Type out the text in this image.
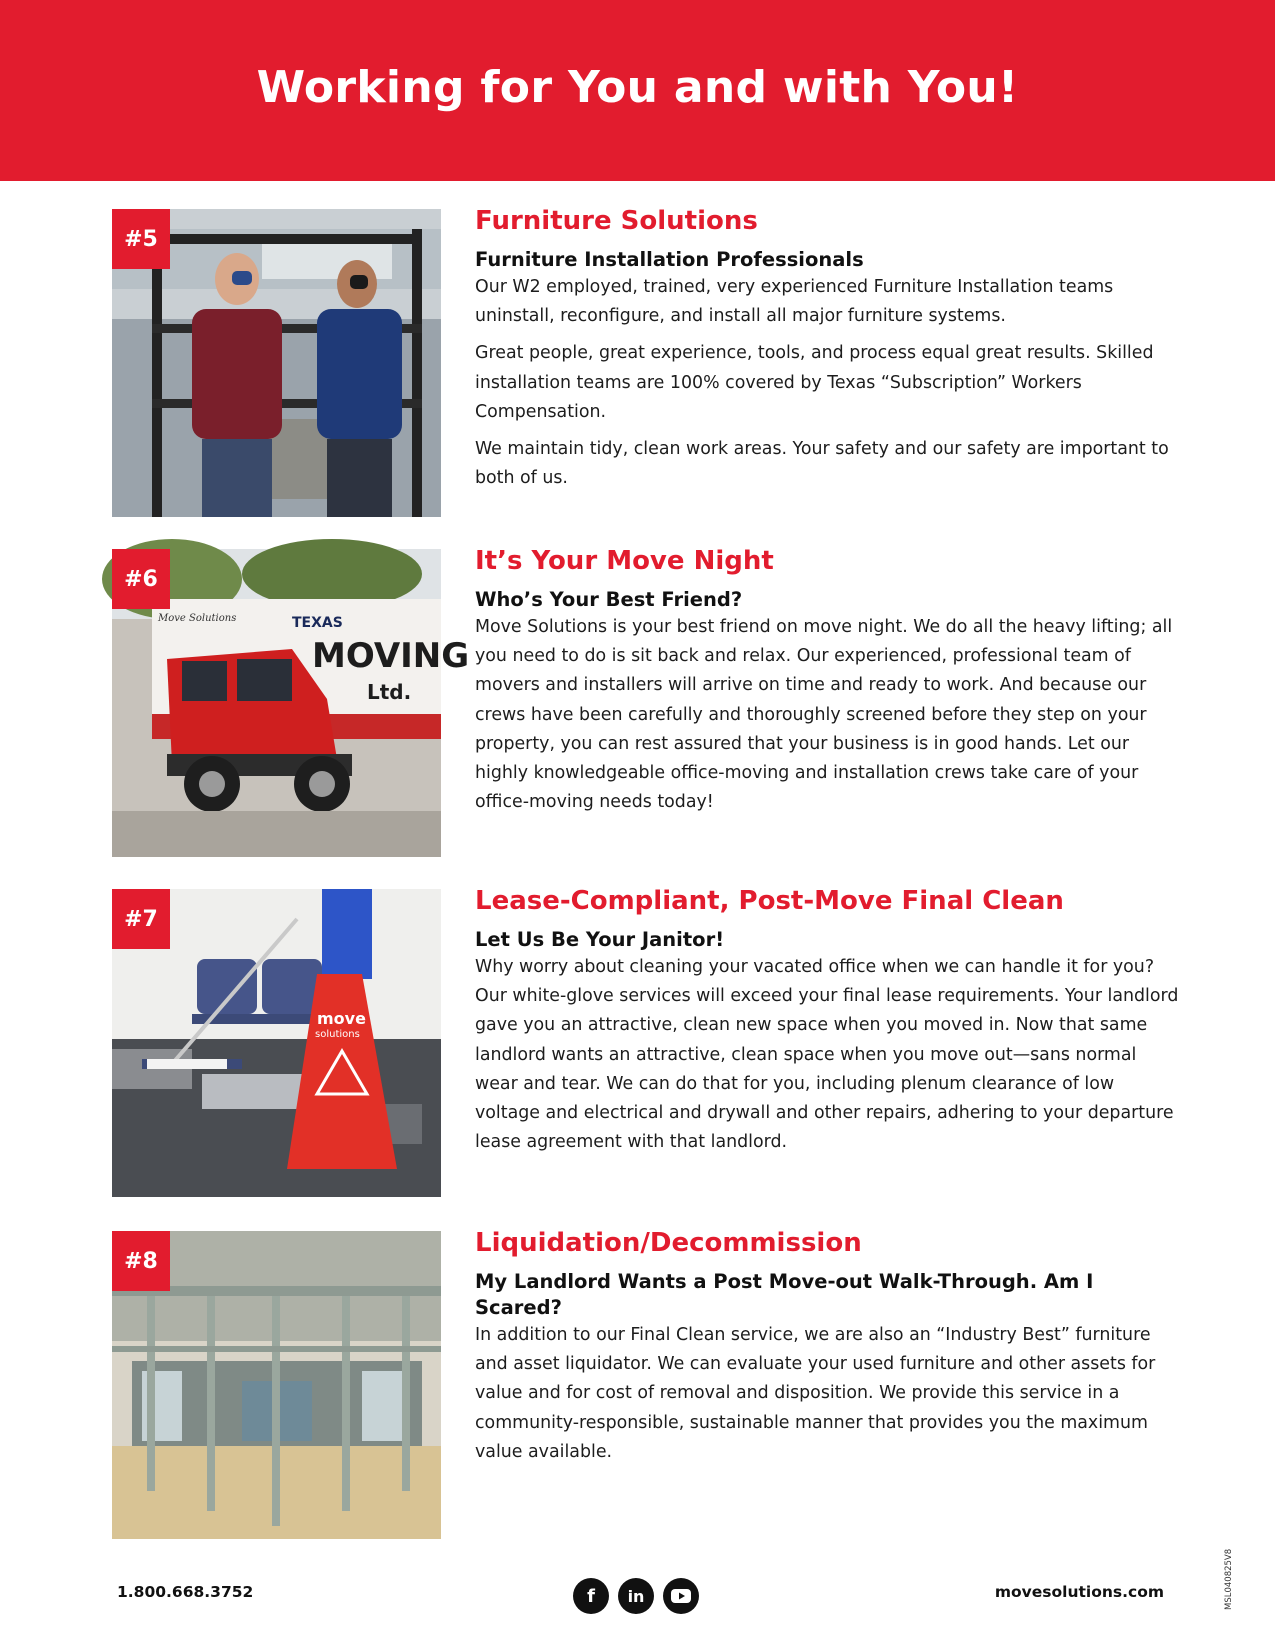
Working for You and with You!
#5
Furniture Solutions
Furniture Installation Professionals

Our W2 employed, trained, very experienced Furniture Installation teams uninstall, reconfigure, and install all major furniture systems.

Great people, great experience, tools, and process equal great results. Skilled installation teams are 100% covered by Texas “Subscription” Workers Compensation.

We maintain tidy, clean work areas. Your safety and our safety are important to both of us.

TEXAS
MOVING
Ltd.
Move Solutions
#6
It’s Your Move Night
Who’s Your Best Friend?

Move Solutions is your best friend on move night. We do all the heavy lifting; all you need to do is sit back and relax. Our experienced, professional team of movers and installers will arrive on time and ready to work. And because our crews have been carefully and thoroughly screened before they step on your property, you can rest assured that your business is in good hands. Let our highly knowledgeable office-moving and installation crews take care of your office-moving needs today!

move
solutions
#7
Lease-Compliant, Post-Move Final Clean
Let Us Be Your Janitor!

Why worry about cleaning your vacated office when we can handle it for you? Our white-glove services will exceed your final lease requirements. Your landlord gave you an attractive, clean new space when you moved in. Now that same landlord wants an attractive, clean space when you move out—sans normal wear and tear. We can do that for you, including plenum clearance of low voltage and electrical and drywall and other repairs, adhering to your departure lease agreement with that landlord.

#8
Liquidation/Decommission
My Landlord Wants a Post Move-out Walk-Through. Am I Scared?

In addition to our Final Clean service, we are also an “Industry Best” furniture and asset liquidator. We can evaluate your used furniture and other assets for value and for cost of removal and disposition. We provide this service in a community-responsible, sustainable manner that provides you the maximum value available.

1.800.668.3752	f	in	movesolutions.com	MSL040825V8
